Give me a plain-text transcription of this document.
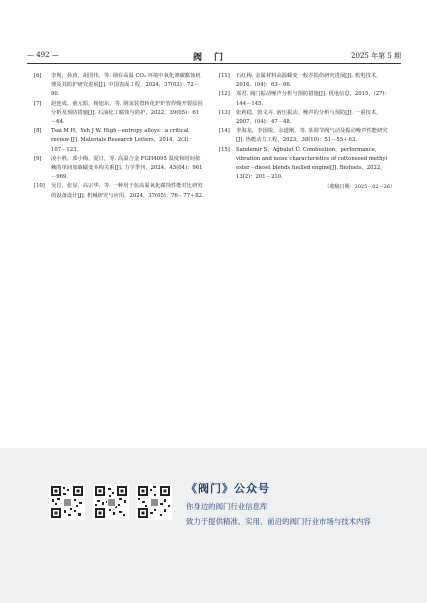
— 492 —	阀门	2025 年第 5 期
[6] 李隽，孙涛，胡国伟，等. 钢在高温 CO₂ 环境中氧化渗碳腐蚀机理及其防护研究进展[J]. 中国表面工程，2024，37(02)：72－90.
[7] 赵连成，童元昭，杨旭东，等. 制氢装置转化炉炉管焊缝开裂原因分析及预防措施[J]. 石油化工腐蚀与防护，2022，39(05)：61－64.
[8] Tsai M H，Yeh J W. High－entropy alloys：a critical review [J]. Materials Research Letters，2014，2(3)：107－123.
[9] 凌小胜，邓小梅，夏日，等. 高温合金 FGH4095 温度和时间依赖的单间加载蠕变本构关系[J]. 力学季刊，2024，45(04)：961－969.
[10] 吴昌，张显，高宗华，等. 一种用于抗高温氧化腐蚀性能对比研究的设备设计[J]. 机械研究与应用，2024，37(05)：76－77＋82.
[11] 石红梅. 金属材料高温蠕变一般寿损伤研究进展[J]. 机电技术，2016，(04)：63－66.
[12] 邓君. 阀门振动噪声分析与预防措施[J]. 机电信息，2015，(27)：144－145.
[13] 张莉稳，敦文卉. 液压振动、噪声的分析与预防[J]. 一重技术，2007，(04)：47－48.
[14] 李海龙，李国锐，余道刚，等. 某调节阀气动及振动噪声性能研究[J]. 热能动力工程，2023，38(10)：51－55＋63.
[15] Sandemir S，Ağbulut Ü. Combustion，performance，vibration and noise characteristics of cottonseed methyl ester－diesel blends fuelled engine[J]. Biofuels，2022，13(2)：201－210.
（收稿日期：2025－02－26）
《阀门》公众号
你身边的阀门行业信息库
致力于提供精准、实用、前沿的阀门行业市场与技术内容
